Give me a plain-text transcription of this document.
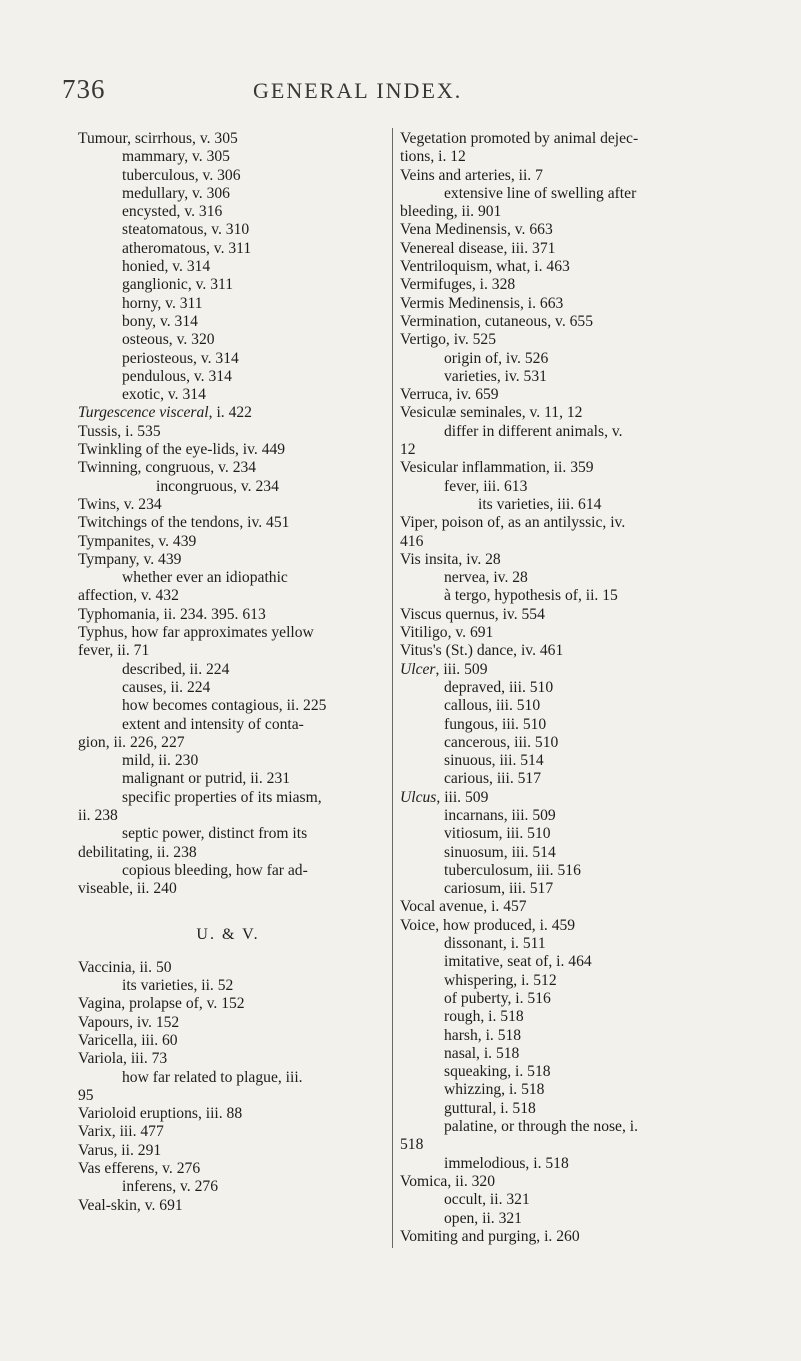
736	GENERAL INDEX.
Tumour, scirrhous, v. 305
mammary, v. 305
tuberculous, v. 306
medullary, v. 306
encysted, v. 316
steatomatous, v. 310
atheromatous, v. 311
honied, v. 314
ganglionic, v. 311
horny, v. 311
bony, v. 314
osteous, v. 320
periosteous, v. 314
pendulous, v. 314
exotic, v. 314
Turgescence visceral, i. 422
Tussis, i. 535
Twinkling of the eye-lids, iv. 449
Twinning, congruous, v. 234
incongruous, v. 234
Twins, v. 234
Twitchings of the tendons, iv. 451
Tympanites, v. 439
Tympany, v. 439
whether ever an idiopathic
affection, v. 432
Typhomania, ii. 234. 395. 613
Typhus, how far approximates yellow
fever, ii. 71
described, ii. 224
causes, ii. 224
how becomes contagious, ii. 225
extent and intensity of conta-
gion, ii. 226, 227
mild, ii. 230
malignant or putrid, ii. 231
specific properties of its miasm,
ii. 238
septic power, distinct from its
debilitating, ii. 238
copious bleeding, how far ad-
viseable, ii. 240
U. & V.
Vaccinia, ii. 50
its varieties, ii. 52
Vagina, prolapse of, v. 152
Vapours, iv. 152
Varicella, iii. 60
Variola, iii. 73
how far related to plague, iii.
95
Varioloid eruptions, iii. 88
Varix, iii. 477
Varus, ii. 291
Vas efferens, v. 276
inferens, v. 276
Veal-skin, v. 691
Vegetation promoted by animal dejec-
tions, i. 12
Veins and arteries, ii. 7
extensive line of swelling after
bleeding, ii. 901
Vena Medinensis, v. 663
Venereal disease, iii. 371
Ventriloquism, what, i. 463
Vermifuges, i. 328
Vermis Medinensis, i. 663
Vermination, cutaneous, v. 655
Vertigo, iv. 525
origin of, iv. 526
varieties, iv. 531
Verruca, iv. 659
Vesiculæ seminales, v. 11, 12
differ in different animals, v.
12
Vesicular inflammation, ii. 359
fever, iii. 613
its varieties, iii. 614
Viper, poison of, as an antilyssic, iv.
416
Vis insita, iv. 28
nervea, iv. 28
à tergo, hypothesis of, ii. 15
Viscus quernus, iv. 554
Vitiligo, v. 691
Vitus's (St.) dance, iv. 461
Ulcer, iii. 509
depraved, iii. 510
callous, iii. 510
fungous, iii. 510
cancerous, iii. 510
sinuous, iii. 514
carious, iii. 517
Ulcus, iii. 509
incarnans, iii. 509
vitiosum, iii. 510
sinuosum, iii. 514
tuberculosum, iii. 516
cariosum, iii. 517
Vocal avenue, i. 457
Voice, how produced, i. 459
dissonant, i. 511
imitative, seat of, i. 464
whispering, i. 512
of puberty, i. 516
rough, i. 518
harsh, i. 518
nasal, i. 518
squeaking, i. 518
whizzing, i. 518
guttural, i. 518
palatine, or through the nose, i.
518
immelodious, i. 518
Vomica, ii. 320
occult, ii. 321
open, ii. 321
Vomiting and purging, i. 260
